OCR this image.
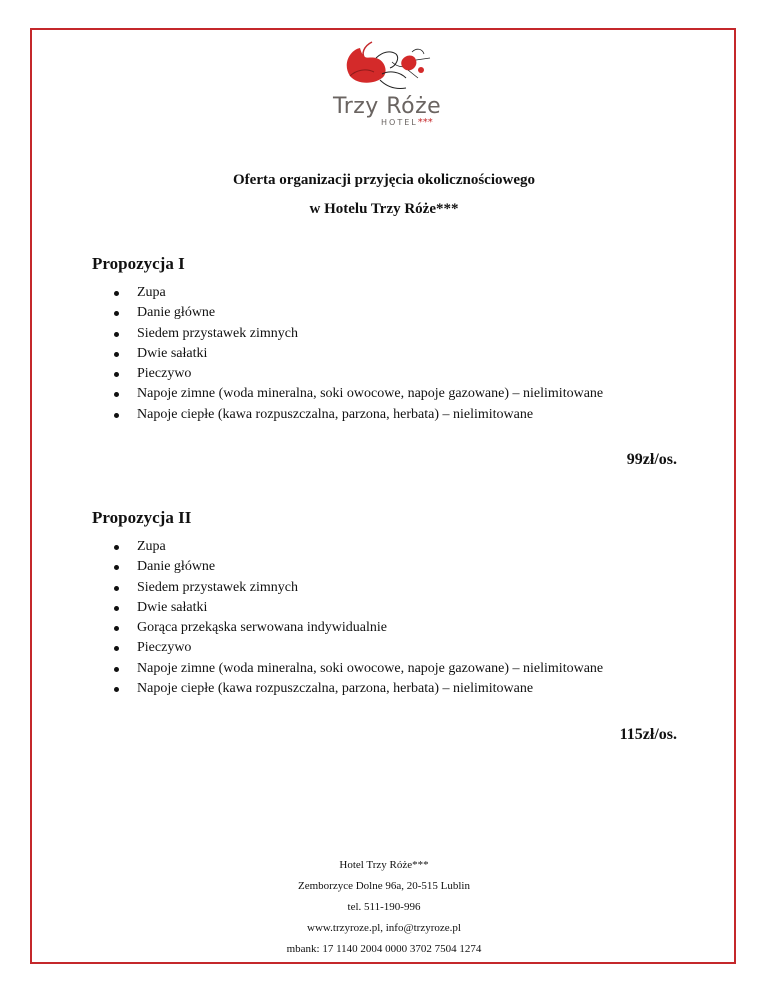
Trzy Róże
HOTEL***
Oferta organizacji przyjęcia okolicznościowego
w Hotelu Trzy Róże***
Propozycja I
Zupa
Danie główne
Siedem przystawek zimnych
Dwie sałatki
Pieczywo
Napoje zimne (woda mineralna, soki owocowe, napoje gazowane) – nielimitowane
Napoje ciepłe (kawa rozpuszczalna, parzona, herbata) – nielimitowane
99zł/os.
Propozycja II
Zupa
Danie główne
Siedem przystawek zimnych
Dwie sałatki
Gorąca przekąska serwowana indywidualnie
Pieczywo
Napoje zimne (woda mineralna, soki owocowe, napoje gazowane) – nielimitowane
Napoje ciepłe (kawa rozpuszczalna, parzona, herbata) – nielimitowane
115zł/os.
Hotel Trzy Róże***
Zemborzyce Dolne 96a, 20-515 Lublin
tel. 511-190-996
www.trzyroze.pl, info@trzyroze.pl
mbank: 17 1140 2004 0000 3702 7504 1274
